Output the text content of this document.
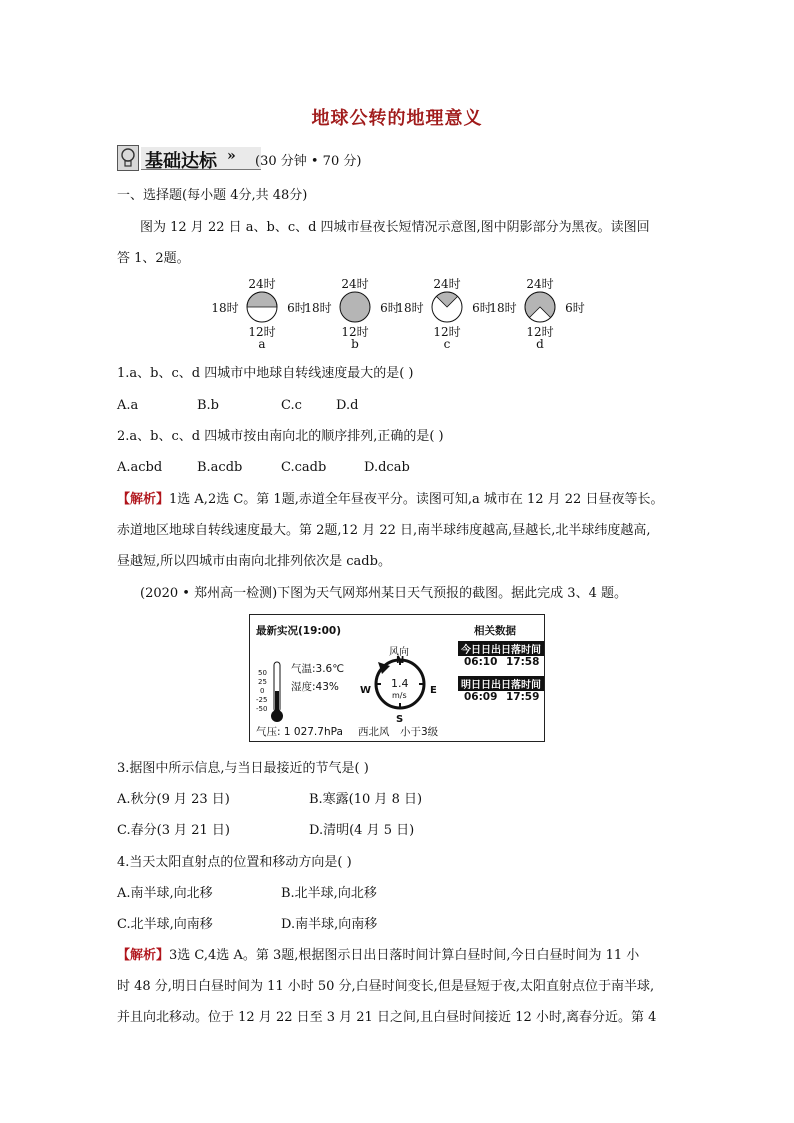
地球公转的地理意义
基础达标 » (30 分钟 • 70 分)
一、选择题(每小题 4分,共 48分)
图为 12 月 22 日 a、b、c、d 四城市昼夜长短情况示意图,图中阴影部分为黑夜。读图回
答 1、2题。
24时
18时	6时
12时
a
24时
18时	6时
12时
b
24时
18时	6时
12时
c
24时
18时	6时
12时
d
1.a、b、c、d 四城市中地球自转线速度最大的是( )
A.a	B.b	C.c	D.d
2.a、b、c、d 四城市按由南向北的顺序排列,正确的是( )
A.acbd	B.acdb	C.cadb	D.dcab
【解析】1选 A,2选 C。第 1题,赤道全年昼夜平分。读图可知,a 城市在 12 月 22 日昼夜等长。
赤道地区地球自转线速度最大。第 2题,12 月 22 日,南半球纬度越高,昼越长,北半球纬度越高,
昼越短,所以四城市由南向北排列依次是 cadb。
(2020 • 郑州高一检测)下图为天气网郑州某日天气预报的截图。据此完成 3、4 题。
最新实况(19:00)
50
25
0
-25
-50
气温:3.6℃
湿度:43%
气压: 1 027.7hPa
风向
N
E
S
W
1.4
m/s
西北风 小于3级
相关数据
今日日出日落时间
06:10 17:58
明日日出日落时间
06:09 17:59
3.据图中所示信息,与当日最接近的节气是( )
A.秋分(9 月 23 日)	B.寒露(10 月 8 日)
C.春分(3 月 21 日)	D.清明(4 月 5 日)
4.当天太阳直射点的位置和移动方向是( )
A.南半球,向北移	B.北半球,向北移
C.北半球,向南移	D.南半球,向南移
【解析】3选 C,4选 A。第 3题,根据图示日出日落时间计算白昼时间,今日白昼时间为 11 小
时 48 分,明日白昼时间为 11 小时 50 分,白昼时间变长,但是昼短于夜,太阳直射点位于南半球,
并且向北移动。位于 12 月 22 日至 3 月 21 日之间,且白昼时间接近 12 小时,离春分近。第 4
